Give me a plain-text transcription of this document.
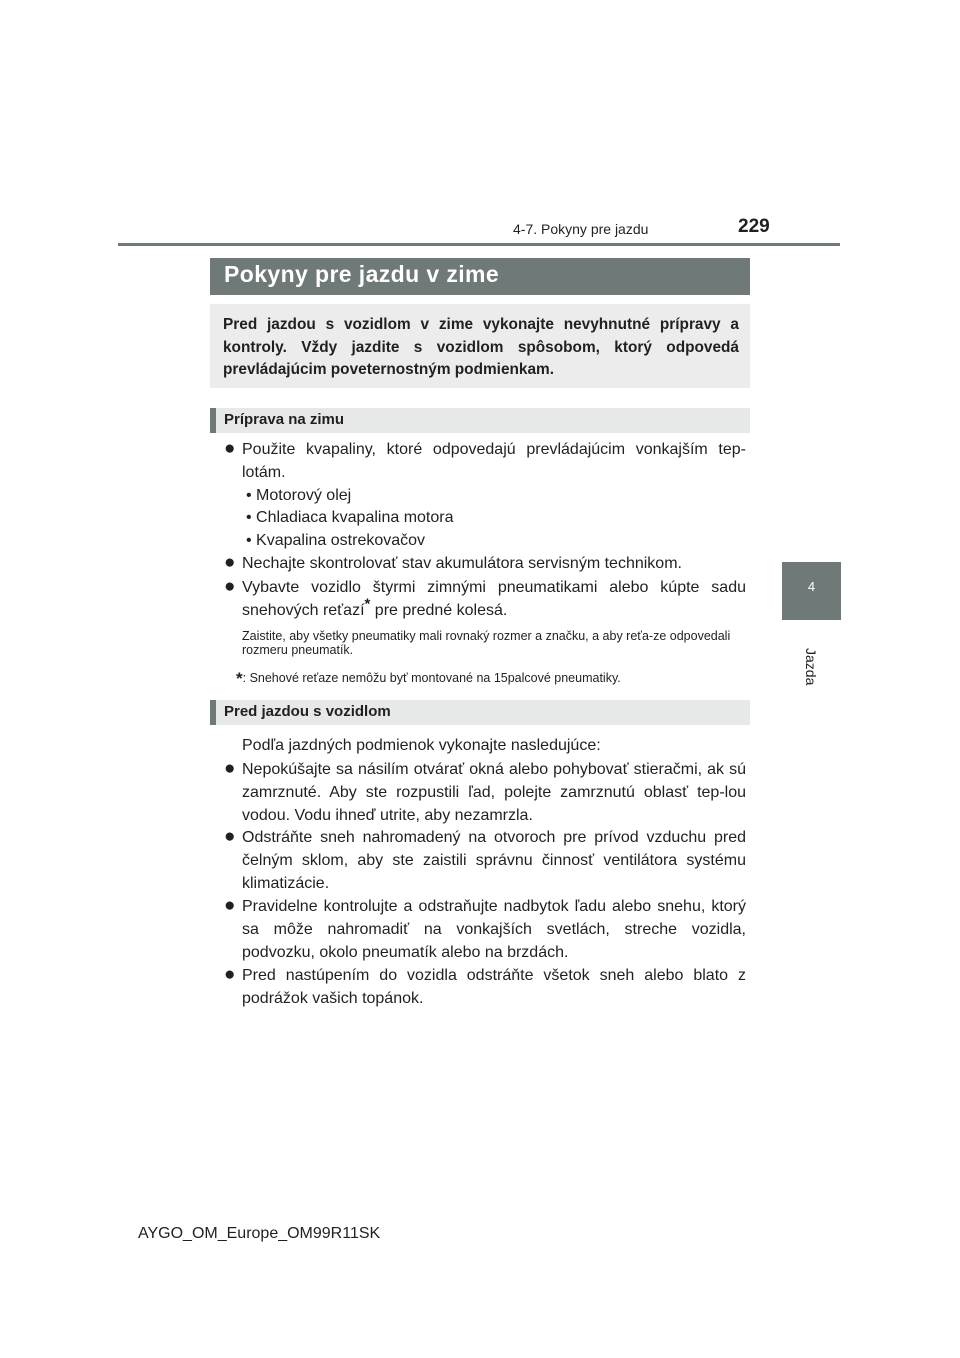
4-7. Pokyny pre jazdu	229
4
Jazda
Pokyny pre jazdu v zime
Pred jazdou s vozidlom v zime vykonajte nevyhnutné prípravy a kontroly. Vždy jazdite s vozidlom spôsobom, ktorý odpovedá prevládajúcim poveternostným podmienkam.
Príprava na zimu
● Použite kvapaliny, ktoré odpovedajú prevládajúcim vonkajším tep-lotám.
• Motorový olej
• Chladiaca kvapalina motora
• Kvapalina ostrekovačov
● Nechajte skontrolovať stav akumulátora servisným technikom.
● Vybavte vozidlo štyrmi zimnými pneumatikami alebo kúpte sadu snehových reťazí* pre predné kolesá.
Zaistite, aby všetky pneumatiky mali rovnaký rozmer a značku, a aby reťa-ze odpovedali rozmeru pneumatík.
*: Snehové reťaze nemôžu byť montované na 15palcové pneumatiky.
Pred jazdou s vozidlom
Podľa jazdných podmienok vykonajte nasledujúce:
● Nepokúšajte sa násilím otvárať okná alebo pohybovať stieračmi, ak sú zamrznuté. Aby ste rozpustili ľad, polejte zamrznutú oblasť tep-lou vodou. Vodu ihneď utrite, aby nezamrzla.
● Odstráňte sneh nahromadený na otvoroch pre prívod vzduchu pred čelným sklom, aby ste zaistili správnu činnosť ventilátora systému klimatizácie.
● Pravidelne kontrolujte a odstraňujte nadbytok ľadu alebo snehu, ktorý sa môže nahromadiť na vonkajších svetlách, streche vozidla, podvozku, okolo pneumatík alebo na brzdách.
● Pred nastúpením do vozidla odstráňte všetok sneh alebo blato z podrážok vašich topánok.
AYGO_OM_Europe_OM99R11SK
